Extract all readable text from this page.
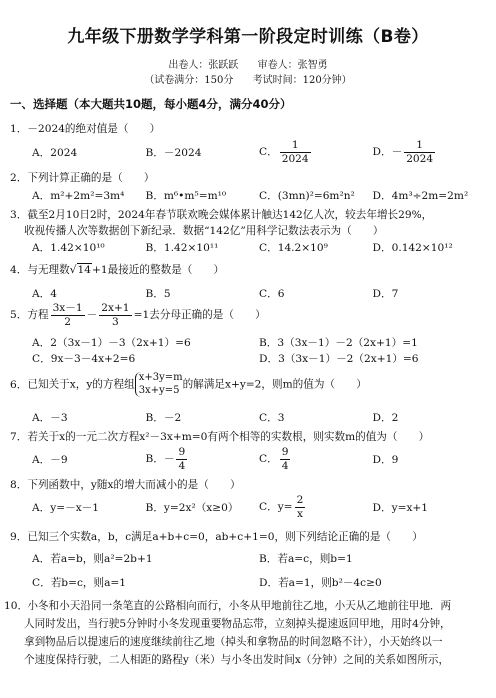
九年级下册数学学科第一阶段定时训练（B卷）
出卷人：张跃跃 审卷人：张智勇
（试卷满分：150分 考试时间：120分钟）
一、选择题（本大题共10题，每小题4分，满分40分）
1． －2024的绝对值是（　　）
A．2024	B．－2024	C． $\frac{1}{2024}$	D．－ $\frac{1}{2024}$
2． 下列计算正确的是（　　）
A．m²+2m²=3m⁴	B．m⁶•m⁵=m¹⁰	C．(3mn)²=6m²n²	D．4m³÷2m=2m²
3． 截至2月10日2时，2024年春节联欢晚会媒体累计触达142亿人次，较去年增长29%，
收视传播人次等数据创下新纪录．数据“142亿”用科学记数法表示为（　　）
A．1.42×10¹⁰	B．1.42×10¹¹	C．14.2×10⁹	D．0.142×10¹²
4． 与无理数√14+1最接近的整数是（　　）
A．4	B．5	C．6	D．7
5． 方程 $\frac{3x-1}{2} - \frac{2x+1}{3} =1$去分母正确的是（　　）
A．2（3x－1）－3（2x+1）=6	B．3（3x－1）－2（2x+1）=1
C．9x－3－4x+2=6	D．3（3x－1）－2（2x+1）=6
6． 已知关于x，y的方程组
x+3y=m
3x+y=5 的解满足x+y=2，则m的值为（　　）
A．－3	B．－2	C．3	D．2
7． 若关于x的一元二次方程x²－3x+m=0有两个相等的实数根，则实数m的值为（　　）
A．－9	B．－ $\frac{9}{4}$	C． $\frac{9}{4}$	D．9
8． 下列函数中，y随x的增大而减小的是（　　）
A．y=－x－1	B．y=2x²（x≥0）	C．$y= \frac{2}{x}$	D．y=x+1
9． 已知三个实数a，b，c满足a+b+c=0，ab+c+1=0，则下列结论正确的是（　　）
A．若a=b，则a²=2b+1	B．若a=c，则b=1
C．若b=c，则a=1	D．若a=1，则b²－4c≥0
10． 小冬和小天沿同一条笔直的公路相向而行，小冬从甲地前往乙地，小天从乙地前往甲地．两
人同时发出，当行驶5分钟时小冬发现重要物品忘带，立刻掉头提速返回甲地，用时4分钟，
拿到物品后以提速后的速度继续前往乙地（掉头和拿物品的时间忽略不计），小天始终以一
个速度保持行驶，二人相距的路程y（米）与小冬出发时间x（分钟）之间的关系如图所示，
